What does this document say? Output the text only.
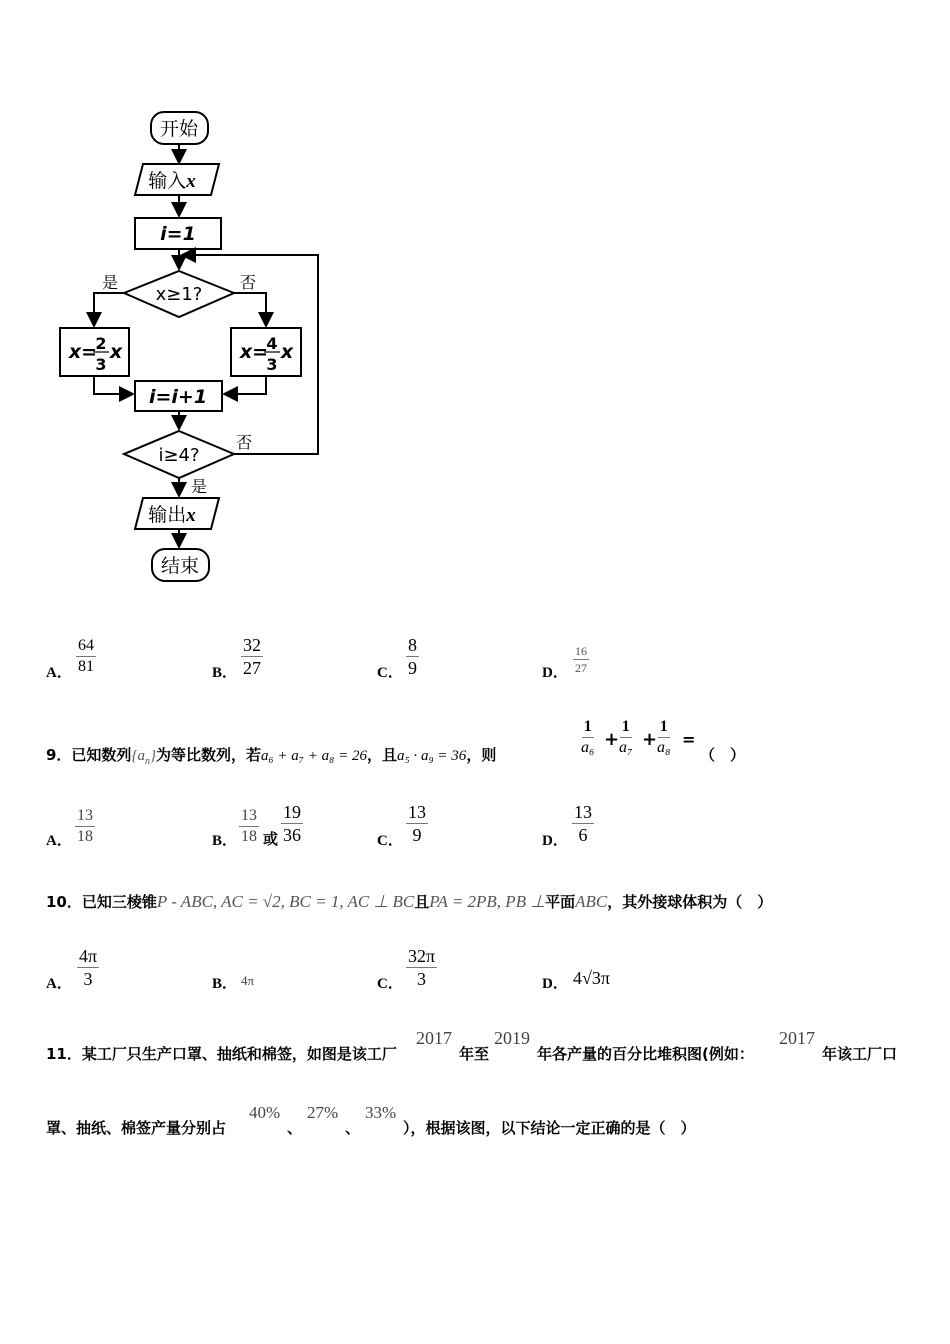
开始
输入x
i=1
x≥1?
是	否
x=
2
3
x	x=
4
3
x
i=i+1
i≥4?
否
是
输出x
结束
A． $\frac{64}{81}$	B． $\frac{32}{27}$	C． $\frac{8}{9}$	D． $\frac{16}{27}$
9．已知数列$\{a_n\}$为等比数列，若a₆ + a₇ + a₈ = 26，且a₅ · a₉ = 36，则	$\frac{1}{\text{a₆}}$ +
$\frac{1}{\text{a₇}}$ +
$\frac{1}{\text{a₈}}$ =
（　）
A． $\frac{13}{18}$	B． $\frac{13}{18}$ 或 $\frac{19}{36}$	C． $\frac{13}{9}$	D． $\frac{13}{6}$
10．已知三棱锥P - ABC, AC = √2, BC = 1, AC ⊥ BC且PA = 2PB, PB ⊥平面ABC，其外接球体积为（　）
A． $\frac{4\pi}{3}$	B． 4π	C． $\frac{32\pi}{3}$	D． 4√3π
11．某工厂只生产口罩、抽纸和棉签，如图是该工厂
2017
年至
2019
年各产量的百分比堆积图(例如：
2017
年该工厂口
罩、抽纸、棉签产量分别占
40%
、
27%
、
33%
），根据该图，以下结论一定正确的是（　）
